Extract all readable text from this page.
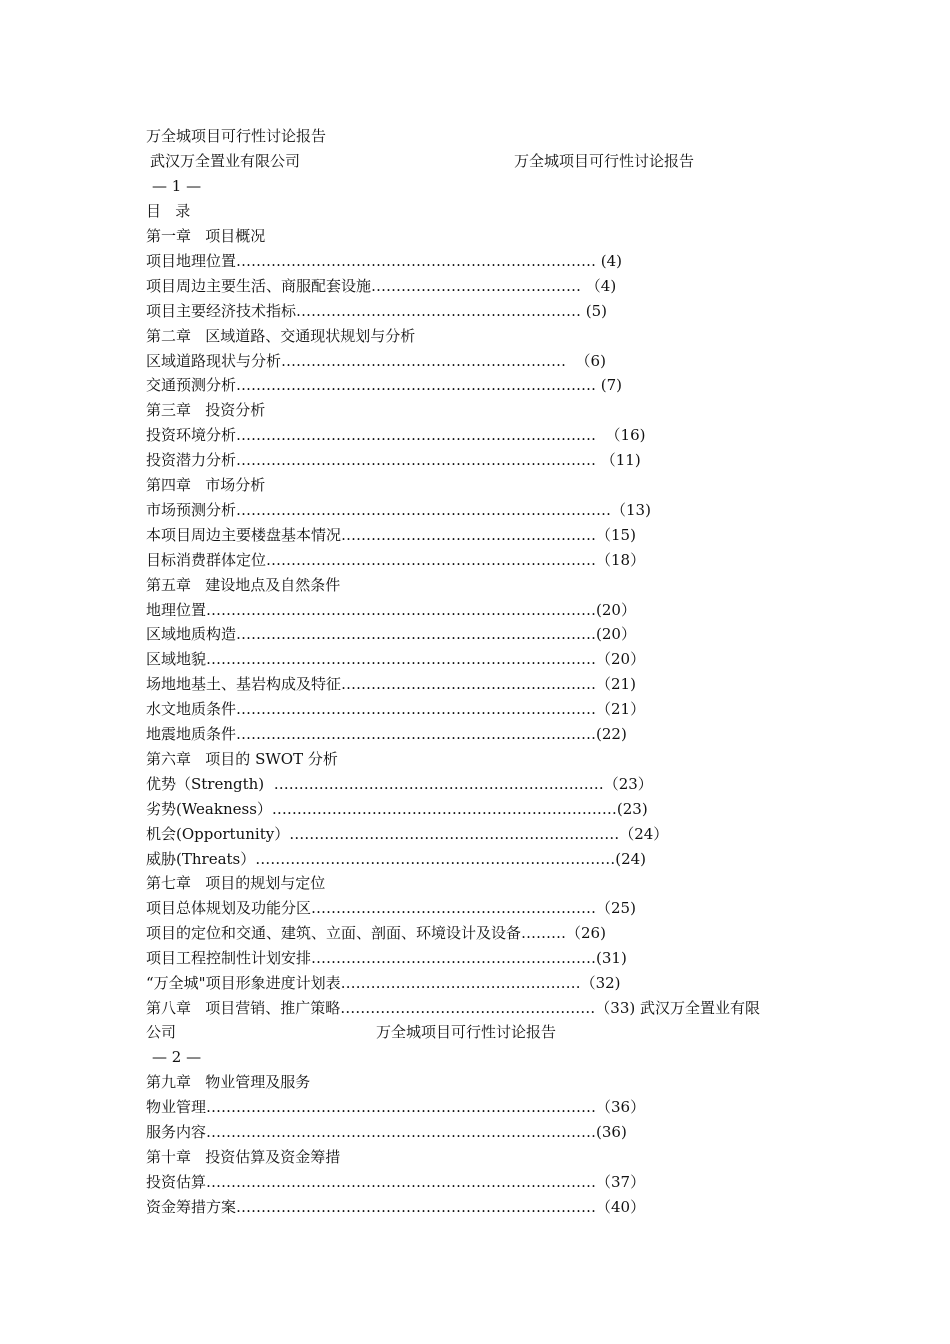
万全城项目可行性讨论报告
武汉万全置业有限公司	万全城项目可行性讨论报告
— 1 —
目   录
第一章   项目概况
项目地理位置……………………………………………………………… (4)
项目周边主要生活、商服配套设施…………………………………… （4)
项目主要经济技术指标………………………………………………… (5)
第二章   区域道路、交通现状规划与分析
区域道路现状与分析…………………………………………………  （6)
交通预测分析……………………………………………………………… (7)
第三章   投资分析
投资环境分析………………………………………………………………  （16)
投资潜力分析……………………………………………………………… （11)
第四章   市场分析
市场预测分析…………………………………………………………………（13)
本项目周边主要楼盘基本情况……………………………………………（15)
目标消费群体定位…………………………………………………………（18）
第五章   建设地点及自然条件
地理位置……………………………………………………………………(20）
区域地质构造………………………………………………………………(20）
区域地貌……………………………………………………………………（20）
场地地基土、基岩构成及特征……………………………………………（21)
水文地质条件………………………………………………………………（21）
地震地质条件………………………………………………………………(22)
第六章   项目的 SWOT 分析
优势（Strength)  …………………………………………………………（23）
劣势(Weakness）……………………………………………………………(23)
机会(Opportunity）…………………………………………………………（24）
威胁(Threats）………………………………………………………………(24)
第七章   项目的规划与定位
项目总体规划及功能分区…………………………………………………（25)
项目的定位和交通、建筑、立面、剖面、环境设计及设备………（26)
项目工程控制性计划安排…………………………………………………(31)
“万全城"项目形象进度计划表…………………………………………（32)
第八章   项目营销、推广策略……………………………………………（33) 武汉万全置业有限
公司	万全城项目可行性讨论报告
— 2 —
第九章   物业管理及服务
物业管理……………………………………………………………………（36）
服务内容……………………………………………………………………(36)
第十章   投资估算及资金筹措
投资估算……………………………………………………………………（37）
资金筹措方案………………………………………………………………（40）
